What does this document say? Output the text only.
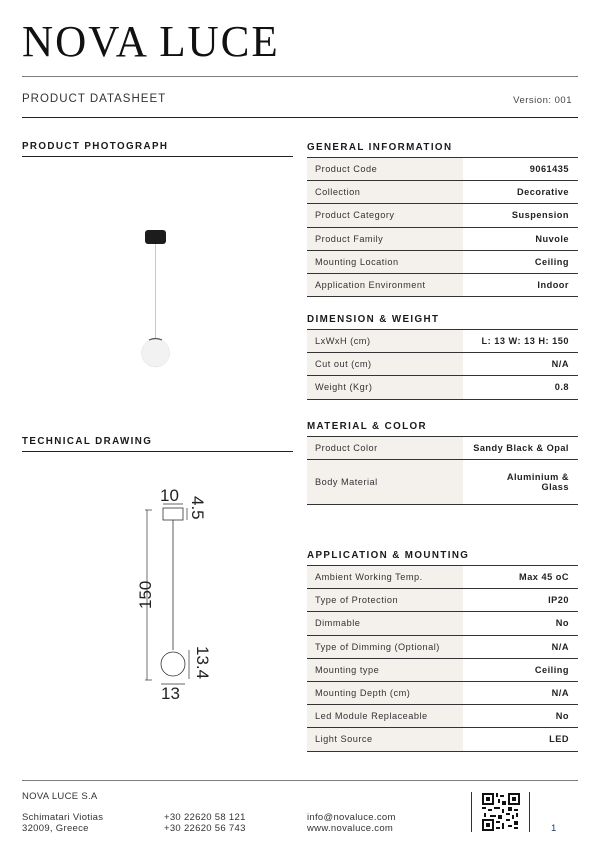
NOVA LUCE
PRODUCT DATASHEET	Version: 001
PRODUCT PHOTOGRAPH
TECHNICAL DRAWING
10
4.5
150
13.4
13
GENERAL INFORMATION
Product Code	9061435
Collection	Decorative
Product Category	Suspension
Product Family	Nuvole
Mounting Location	Ceiling
Application Environment	Indoor
DIMENSION & WEIGHT
LxWxH (cm)	L: 13 W: 13 H: 150
Cut out (cm)	N/A
Weight (Kgr)	0.8
MATERIAL & COLOR
Product Color	Sandy Black & Opal
Body Material	Aluminium & Glass
APPLICATION & MOUNTING
Ambient Working Temp.	Max 45 oC
Type of Protection	IP20
Dimmable	No
Type of Dimming (Optional)	N/A
Mounting type	Ceiling
Mounting Depth (cm)	N/A
Led Module Replaceable	No
Light Source	LED
NOVA LUCE S.A
Schimatari Viotias
32009, Greece
+30 22620 58 121
+30 22620 56 743
info@novaluce.com
www.novaluce.com	1
